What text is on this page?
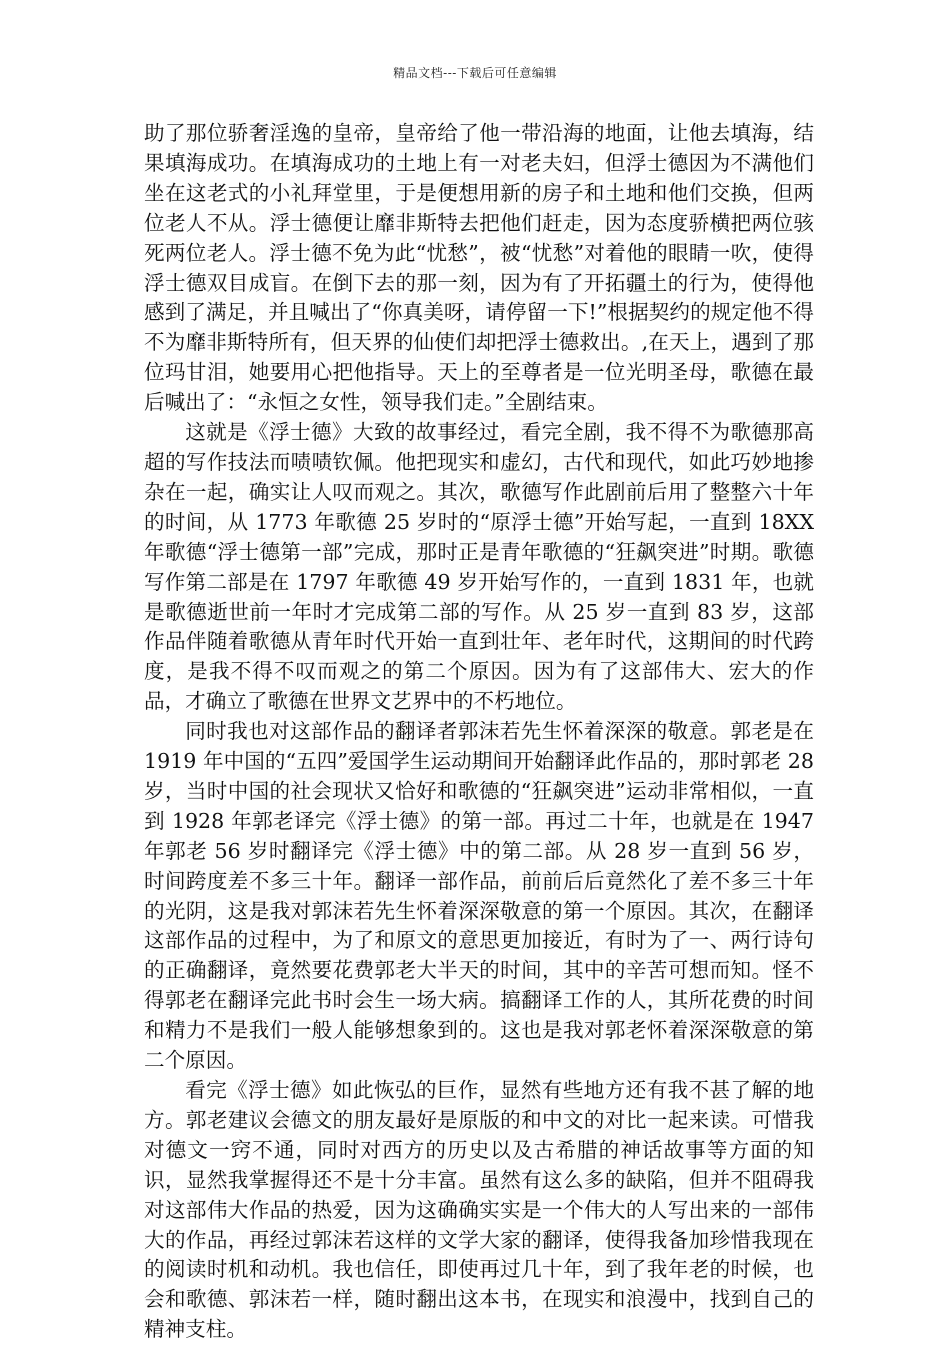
精品文档---下载后可任意编辑

助了那位骄奢淫逸的皇帝，皇帝给了他一带沿海的地面，让他去填海，结果填海成功。在填海成功的土地上有一对老夫妇，但浮士德因为不满他们坐在这老式的小礼拜堂里，于是便想用新的房子和土地和他们交换，但两位老人不从。浮士德便让靡非斯特去把他们赶走，因为态度骄横把两位骇死两位老人。浮士德不免为此“忧愁”，被“忧愁”对着他的眼睛一吹，使得浮士德双目成盲。在倒下去的那一刻，因为有了开拓疆土的行为，使得他感到了满足，并且喊出了“你真美呀，请停留一下!”根据契约的规定他不得不为靡非斯特所有，但天界的仙使们却把浮士德救出。,在天上，遇到了那位玛甘泪，她要用心把他指导。天上的至尊者是一位光明圣母，歌德在最后喊出了：“永恒之女性，领导我们走。”全剧结束。

这就是《浮士德》大致的故事经过，看完全剧，我不得不为歌德那高超的写作技法而啧啧钦佩。他把现实和虚幻，古代和现代，如此巧妙地掺杂在一起，确实让人叹而观之。其次，歌德写作此剧前后用了整整六十年的时间，从 1773 年歌德 25 岁时的“原浮士德”开始写起，一直到 18XX 年歌德“浮士德第一部”完成，那时正是青年歌德的“狂飙突进”时期。歌德写作第二部是在 1797 年歌德 49 岁开始写作的，一直到 1831 年，也就是歌德逝世前一年时才完成第二部的写作。从 25 岁一直到 83 岁，这部作品伴随着歌德从青年时代开始一直到壮年、老年时代，这期间的时代跨度，是我不得不叹而观之的第二个原因。因为有了这部伟大、宏大的作品，才确立了歌德在世界文艺界中的不朽地位。

同时我也对这部作品的翻译者郭沫若先生怀着深深的敬意。郭老是在 1919 年中国的“五四”爱国学生运动期间开始翻译此作品的，那时郭老 28 岁，当时中国的社会现状又恰好和歌德的“狂飙突进”运动非常相似，一直到 1928 年郭老译完《浮士德》的第一部。再过二十年，也就是在 1947 年郭老 56 岁时翻译完《浮士德》中的第二部。从 28 岁一直到 56 岁，时间跨度差不多三十年。翻译一部作品，前前后后竟然化了差不多三十年的光阴，这是我对郭沫若先生怀着深深敬意的第一个原因。其次，在翻译这部作品的过程中，为了和原文的意思更加接近，有时为了一、两行诗句的正确翻译，竟然要花费郭老大半天的时间，其中的辛苦可想而知。怪不得郭老在翻译完此书时会生一场大病。搞翻译工作的人，其所花费的时间和精力不是我们一般人能够想象到的。这也是我对郭老怀着深深敬意的第二个原因。

看完《浮士德》如此恢弘的巨作，显然有些地方还有我不甚了解的地方。郭老建议会德文的朋友最好是原版的和中文的对比一起来读。可惜我对德文一窍不通，同时对西方的历史以及古希腊的神话故事等方面的知识，显然我掌握得还不是十分丰富。虽然有这么多的缺陷，但并不阻碍我对这部伟大作品的热爱，因为这确确实实是一个伟大的人写出来的一部伟大的作品，再经过郭沫若这样的文学大家的翻译，使得我备加珍惜我现在的阅读时机和动机。我也信任，即使再过几十年，到了我年老的时候，也会和歌德、郭沫若一样，随时翻出这本书，在现实和浪漫中，找到自己的精神支柱。
